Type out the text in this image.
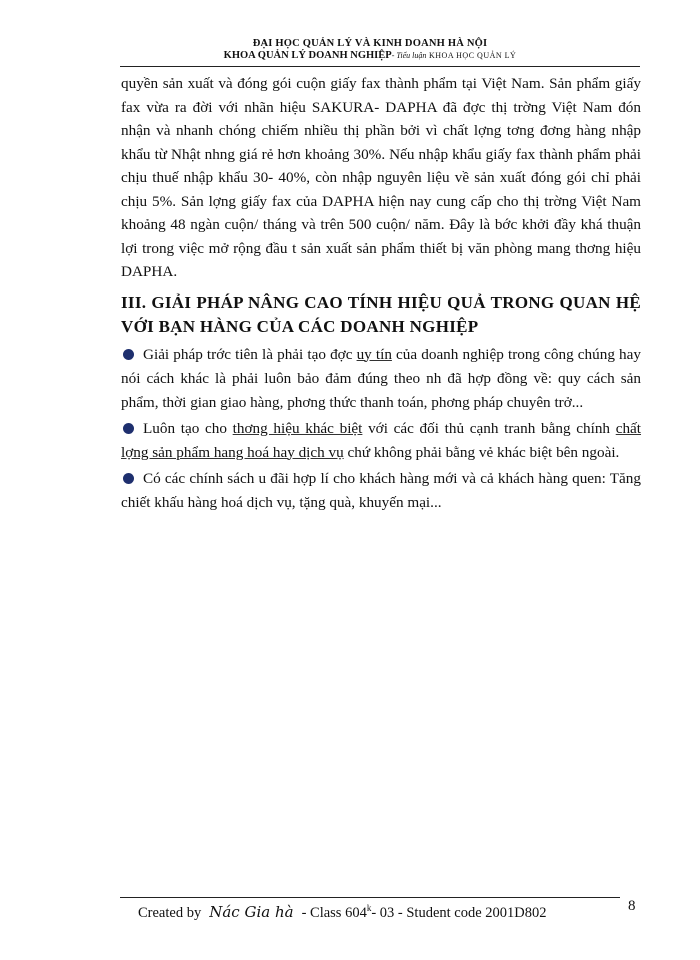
ĐẠI HỌC QUẢN LÝ VÀ KINH DOANH HÀ NỘI
KHOA QUẢN LÝ DOANH NGHIỆP- Tiểu luận KHOA HỌC QUẢN LÝ

quyền sản xuất và đóng gói cuộn giấy fax thành phẩm tại Việt Nam. Sản phẩm giấy fax vừa ra đời với nhãn hiệu SAKURA- DAPHA đã đợc thị trờng Việt Nam đón nhận và nhanh chóng chiếm nhiều thị phần bởi vì chất lợng tơng đơng hàng nhập khẩu từ Nhật nhng giá rẻ hơn khoảng 30%. Nếu nhập khẩu giấy fax thành phẩm phải chịu thuế nhập khẩu 30- 40%, còn nhập nguyên liệu về sản xuất đóng gói chỉ phải chịu 5%. Sản lợng giấy fax của DAPHA hiện nay cung cấp cho thị trờng Việt Nam khoảng 48 ngàn cuộn/ tháng và trên 500 cuộn/ năm. Đây là bớc khởi đầy khá thuận lợi trong việc mở rộng đầu t sản xuất sản phẩm thiết bị văn phòng mang thơng hiệu DAPHA.

III. GIẢI PHÁP NÂNG CAO TÍNH HIỆU QUẢ TRONG QUAN HỆ VỚI BẠN HÀNG CỦA CÁC DOANH NGHIỆP

Giải pháp trớc tiên là phải tạo đợc uy tín của doanh nghiệp trong công chúng hay nói cách khác là phải luôn bảo đảm đúng theo nh đã hợp đồng về: quy cách sản phẩm, thời gian giao hàng, phơng thức thanh toán, phơng pháp chuyên trở...

Luôn tạo cho thơng hiệu khác biệt với các đối thủ cạnh tranh bằng chính chất lợng sản phẩm hang hoá hay dịch vụ chứ không phải bằng vẻ khác biệt bên ngoài.

Có các chính sách u đãi hợp lí cho khách hàng mới và cả khách hàng quen: Tăng chiết khấu hàng hoá dịch vụ, tặng quà, khuyến mại...

Created by Nác Gia hà - Class 604$^k$- 03 - Student code 2001D802	8
